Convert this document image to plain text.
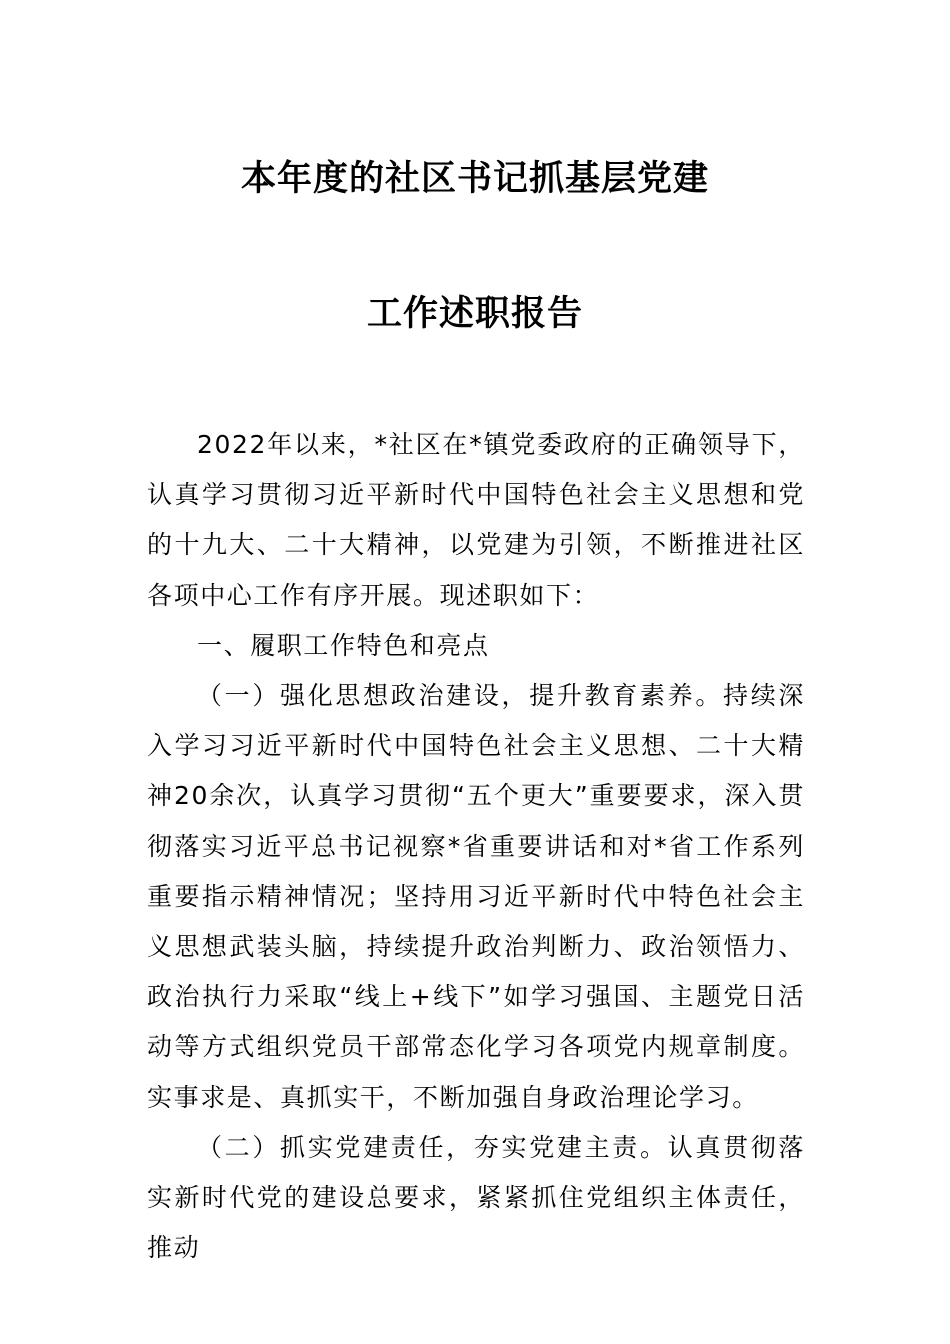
本年度的社区书记抓基层党建
工作述职报告

2022年以来，*社区在*镇党委政府的正确领导下，认真学习贯彻习近平新时代中国特色社会主义思想和党的十九大、二十大精神，以党建为引领，不断推进社区各项中心工作有序开展。现述职如下：

一、履职工作特色和亮点

（一）强化思想政治建设，提升教育素养。持续深入学习习近平新时代中国特色社会主义思想、二十大精神20余次，认真学习贯彻“五个更大”重要要求，深入贯彻落实习近平总书记视察*省重要讲话和对*省工作系列重要指示精神情况；坚持用习近平新时代中特色社会主义思想武装头脑，持续提升政治判断力、政治领悟力、政治执行力采取“线上+线下”如学习强国、主题党日活动等方式组织党员干部常态化学习各项党内规章制度。实事求是、真抓实干，不断加强自身政治理论学习。

（二）抓实党建责任，夯实党建主责。认真贯彻落实新时代党的建设总要求，紧紧抓住党组织主体责任，推动
